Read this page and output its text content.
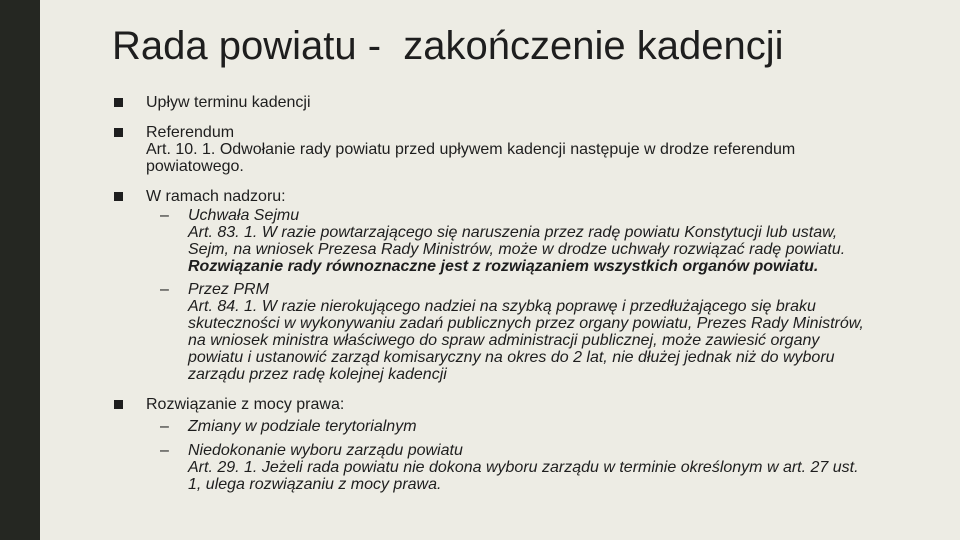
Rada powiatu -  zakończenie kadencji
Upływ terminu kadencji
Referendum
Art. 10. 1. Odwołanie rady powiatu przed upływem kadencji następuje w drodze referendum powiatowego.
W ramach nadzoru:
– Uchwała Sejmu
Art. 83. 1. W razie powtarzającego się naruszenia przez radę powiatu Konstytucji lub ustaw, Sejm, na wniosek Prezesa Rady Ministrów, może w drodze uchwały rozwiązać radę powiatu. Rozwiązanie rady równoznaczne jest z rozwiązaniem wszystkich organów powiatu.
– Przez PRM
Art. 84. 1. W razie nierokującego nadziei na szybką poprawę i przedłużającego się braku skuteczności w wykonywaniu zadań publicznych przez organy powiatu, Prezes Rady Ministrów, na wniosek ministra właściwego do spraw administracji publicznej, może zawiesić organy powiatu i ustanowić zarząd komisaryczny na okres do 2 lat, nie dłużej jednak niż do wyboru zarządu przez radę kolejnej kadencji
Rozwiązanie z mocy prawa:
– Zmiany w podziale terytorialnym
– Niedokonanie wyboru zarządu powiatu
Art. 29. 1. Jeżeli rada powiatu nie dokona wyboru zarządu w terminie określonym w art. 27 ust. 1, ulega rozwiązaniu z mocy prawa.
